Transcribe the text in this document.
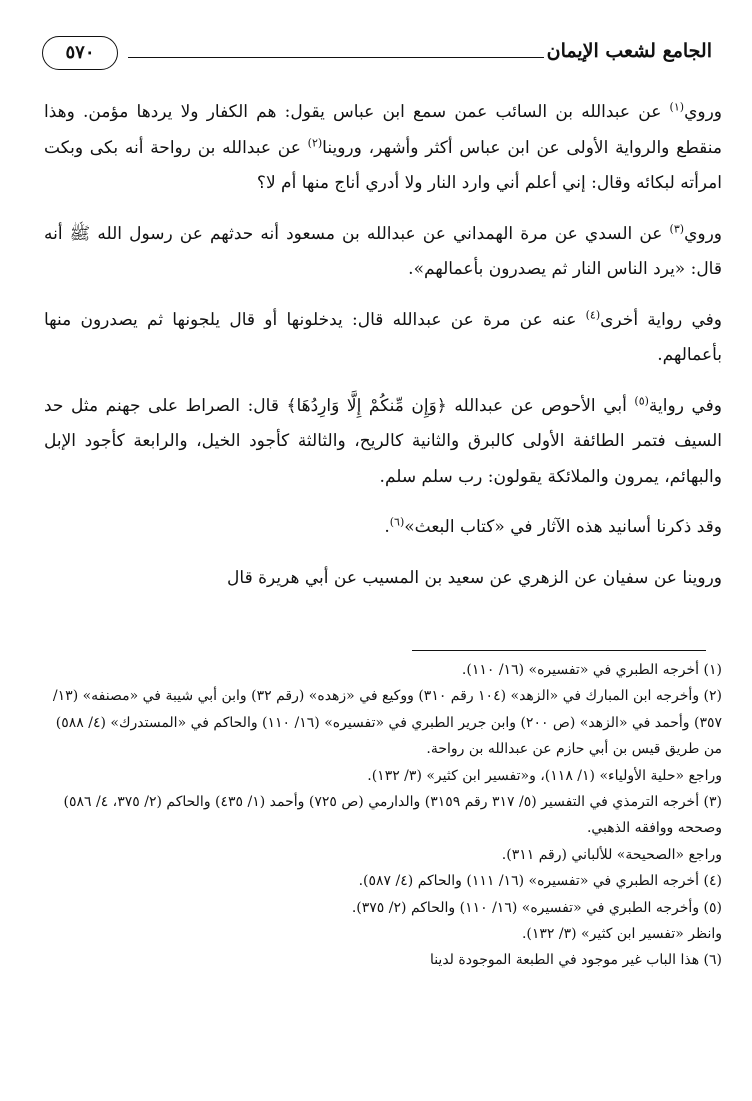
الجامع لشعب الإيمان
٥٧٠

وروي$^{(١)}$ عن عبدالله بن السائب عمن سمع ابن عباس يقول: هم الكفار ولا يردها مؤمن. وهذا منقطع والرواية الأولى عن ابن عباس أكثر وأشهر، وروينا$^{(٢)}$ عن عبدالله بن رواحة أنه بكى وبكت امرأته لبكائه وقال: إني أعلم أني وارد النار ولا أدري أناج منها أم لا؟

وروي$^{(٣)}$ عن السدي عن مرة الهمداني عن عبدالله بن مسعود أنه حدثهم عن رسول الله ﷺ أنه قال: «يرد الناس النار ثم يصدرون بأعمالهم».

وفي رواية أخرى$^{(٤)}$ عنه عن مرة عن عبدالله قال: يدخلونها أو قال يلجونها ثم يصدرون منها بأعمالهم.

وفي رواية$^{(٥)}$ أبي الأحوص عن عبدالله ﴿وَإِن مِّنكُمْ إِلَّا وَارِدُهَا﴾ قال: الصراط على جهنم مثل حد السيف فتمر الطائفة الأولى كالبرق والثانية كالريح، والثالثة كأجود الخيل، والرابعة كأجود الإبل والبهائم، يمرون والملائكة يقولون: رب سلم سلم.

وقد ذكرنا أسانيد هذه الآثار في «كتاب البعث»$^{(٦)}$.

وروينا عن سفيان عن الزهري عن سعيد بن المسيب عن أبي هريرة قال

(١) أخرجه الطبري في «تفسيره» (١٦/ ١١٠).

(٢) وأخرجه ابن المبارك في «الزهد» (١٠٤ رقم ٣١٠) ووكيع في «زهده» (رقم ٣٢) وابن أبي شيبة في «مصنفه» (١٣/ ٣٥٧) وأحمد في «الزهد» (ص ٢٠٠) وابن جرير الطبري في «تفسيره» (١٦/ ١١٠) والحاكم في «المستدرك» (٤/ ٥٨٨) من طريق قيس بن أبي حازم عن عبدالله بن رواحة.

وراجع «حلية الأولياء» (١/ ١١٨)، و«تفسير ابن كثير» (٣/ ١٣٢).

(٣) أخرجه الترمذي في التفسير (٥/ ٣١٧ رقم ٣١٥٩) والدارمي (ص ٧٢٥) وأحمد (١/ ٤٣٥) والحاكم (٢/ ٣٧٥، ٤/ ٥٨٦) وصححه ووافقه الذهبي.

وراجع «الصحيحة» للألباني (رقم ٣١١).

(٤) أخرجه الطبري في «تفسيره» (١٦/ ١١١) والحاكم (٤/ ٥٨٧).

(٥) وأخرجه الطبري في «تفسيره» (١٦/ ١١٠) والحاكم (٢/ ٣٧٥).

وانظر «تفسير ابن كثير» (٣/ ١٣٢).

(٦) هذا الباب غير موجود في الطبعة الموجودة لدينا
